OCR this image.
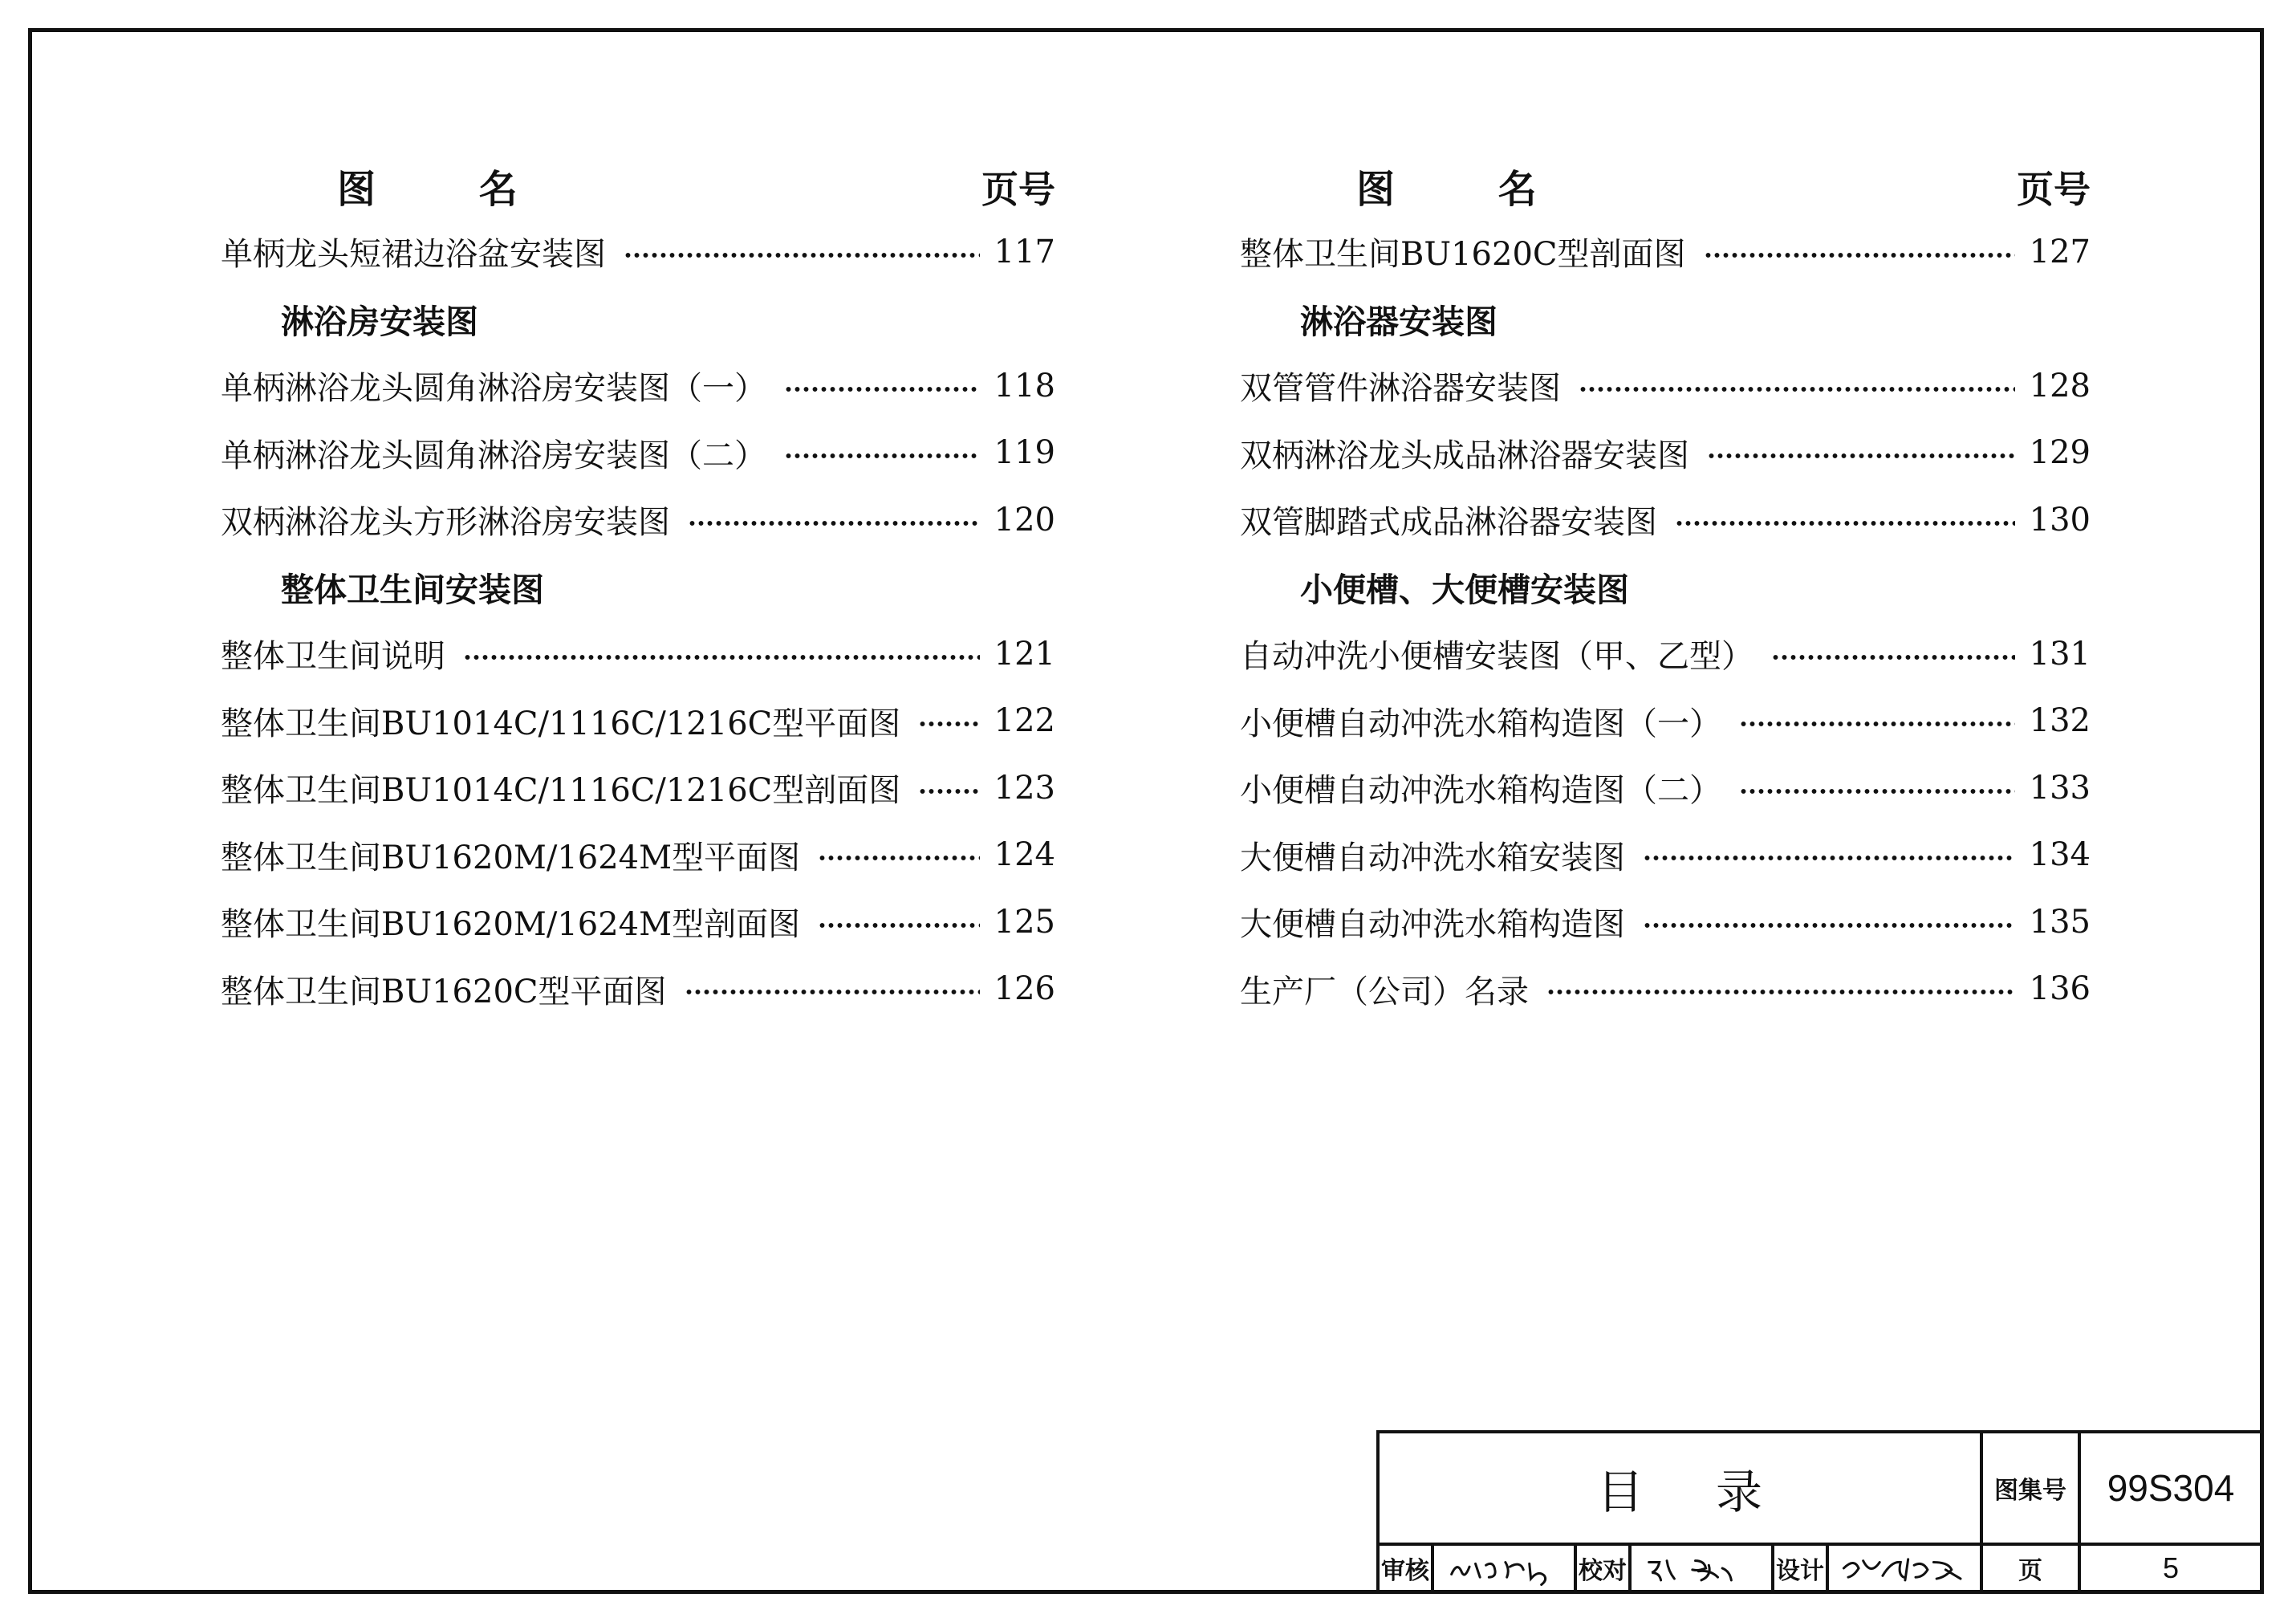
图 名	页号
单柄龙头短裙边浴盆安装图	117
淋浴房安装图
单柄淋浴龙头圆角淋浴房安装图（一）	118
单柄淋浴龙头圆角淋浴房安装图（二）	119
双柄淋浴龙头方形淋浴房安装图	120
整体卫生间安装图
整体卫生间说明	121
整体卫生间BU1014C/1116C/1216C型平面图	122
整体卫生间BU1014C/1116C/1216C型剖面图	123
整体卫生间BU1620M/1624M型平面图	124
整体卫生间BU1620M/1624M型剖面图	125
整体卫生间BU1620C型平面图	126
图 名	页号
整体卫生间BU1620C型剖面图	127
淋浴器安装图
双管管件淋浴器安装图	128
双柄淋浴龙头成品淋浴器安装图	129
双管脚踏式成品淋浴器安装图	130
小便槽、大便槽安装图
自动冲洗小便槽安装图（甲、乙型）	131
小便槽自动冲洗水箱构造图（一）	132
小便槽自动冲洗水箱构造图（二）	133
大便槽自动冲洗水箱安装图	134
大便槽自动冲洗水箱构造图	135
生产厂（公司）名录	136
目录	图集号	99S304
审核	校对	设计	页	5
